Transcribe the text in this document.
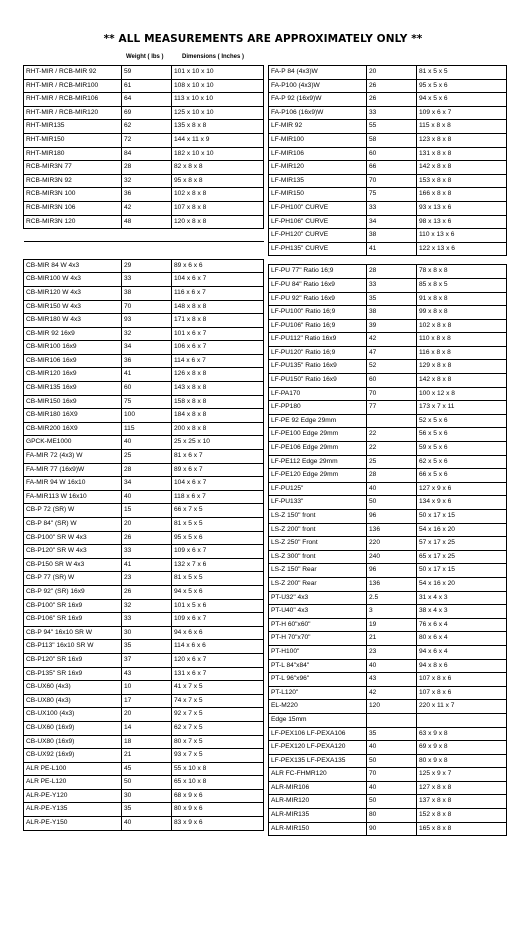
** ALL MEASUREMENTS ARE APPROXIMATELY ONLY **
Weight ( lbs )	Dimensions ( Inches )
RHT-MIR / RCB-MIR 92	59	101 x 10 x 10
RHT-MIR / RCB-MIR100	61	108 x 10 x 10
RHT-MIR / RCB-MIR106	64	113 x 10 x 10
RHT-MIR / RCB-MIR120	69	125 x 10 x 10
RHT-MIR135	62	135 x 8 x 8
RHT-MIR150	72	144 x 11 x 9
RHT-MIR180	84	182 x 10 x 10
RCB-MIR3N 77	28	82 x 8 x 8
RCB-MIR3N 92	32	95 x 8 x 8
RCB-MIR3N 100	36	102 x 8 x 8
RCB-MIR3N 106	42	107 x 8 x 8
RCB-MIR3N 120	48	120 x 8 x 8

CB-MIR 84 W 4x3	29	89 x 6 x 6
CB-MIR100 W 4x3	33	104 x 6 x 7
CB-MIR120 W 4x3	38	116 x 6 x 7
CB-MIR150 W 4x3	70	148 x 8 x 8
CB-MIR180 W 4x3	93	171 x 8 x 8
CB-MIR 92 16x9	32	101 x 6 x 7
CB-MIR100 16x9	34	106 x 6 x 7
CB-MIR106 16x9	36	114 x 6 x 7
CB-MIR120 16x9	41	126 x 8 x 8
CB-MIR135 16x9	60	143 x 8 x 8
CB-MIR150 16x9	75	158 x 8 x 8
CB-MIR180 16X9	100	184 x 8 x 8
CB-MIR200 16X9	115	200 x 8 x 8
GPCK-ME1000	40	25 x 25 x 10
FA-MIR 72 (4x3) W	25	81 x 6 x 7
FA-MIR 77 (16x9)W	28	89 x 6 x 7
FA-MIR 94 W 16x10	34	104 x 6 x 7
FA-MIR113 W 16x10	40	118 x 6 x 7
CB-P 72 (SR) W	15	66 x 7 x 5
CB-P 84" (SR) W	20	81 x 5 x 5
CB-P100" SR W 4x3	26	95 x 5 x 6
CB-P120" SR W 4x3	33	109 x 6 x 7
CB-P150 SR W 4x3	41	132 x 7 x 6
CB-P 77 (SR) W	23	81 x 5 x 5
CB-P 92" (SR) 16x9	26	94 x 5 x 6
CB-P100" SR 16x9	32	101 x 5 x 6
CB-P106" SR 16x9	33	109 x 6 x 7
CB-P 94" 16x10 SR W	30	94 x 6 x 6
CB-P113" 16x10 SR W	35	114 x 6 x 6
CB-P120" SR 16x9	37	120 x 6 x 7
CB-P135" SR 16x9	43	131 x 6 x 7
CB-UX60 (4x3)	10	41 x 7 x 5
CB-UX80 (4x3)	17	74 x 7 x 5
CB-UX100 (4x3)	20	92 x 7 x 5
CB-UX60 (16x9)	14	62 x 7 x 5
CB-UX80 (16x9)	18	80 x 7 x 5
CB-UX92 (16x9)	21	93 x 7 x 5
ALR PE-L100	45	55 x 10 x 8
ALR PE-L120	50	65 x 10 x 8
ALR-PE-Y120	30	68 x 9 x 6
ALR-PE-Y135	35	80 x 9 x 6
ALR-PE-Y150	40	83 x 9 x 6
FA-P 84 (4x3)W	20	81 x 5 x 5
FA-P100 (4x3)W	26	95 x 5 x 6
FA-P 92 (16x9)W	26	94 x 5 x 6
FA-P106 (16x9)W	33	109 x 6 x 7
LF-MIR 92	55	115 x 8 x 8
LF-MIR100	58	123 x 8 x 8
LF-MIR106	60	131 x 8 x 8
LF-MIR120	66	142 x 8 x 8
LF-MIR135	70	153 x 8 x 8
LF-MIR150	75	166 x 8 x 8
LF-PH100" CURVE	33	93 x 13 x 6
LF-PH106" CURVE	34	98 x 13 x 6
LF-PH120" CURVE	38	110 x 13 x 6
LF-PH135" CURVE	41	122 x 13 x 6

LF-PU 77" Ratio 16;9	28	78 x 8 x 8
LF-PU 84" Ratio 16x9	33	85 x 8 x 5
LF-PU 92" Ratio 16x9	35	91 x 8 x 8
LF-PU100" Ratio 16;9	38	99 x 8 x 8
LF-PU106" Ratio 16;9	39	102 x 8 x 8
LF-PU112" Ratio 16x9	42	110 x 8 x 8
LF-PU120" Ratio 16;9	47	116 x 8 x 8
LF-PU135" Ratio 16x9	52	129 x 8 x 8
LF-PU150" Ratio 16x9	60	142 x 8 x 8
LF-PA170	70	100 x 12 x 8
LF-PP180	77	173 x 7 x 11
LF-PE 92 Edge 29mm		52 x 5 x 6
LF-PE100 Edge 29mm	22	56 x 5 x 6
LF-PE106 Edge 29mm	22	59 x 5 x 6
LF-PE112 Edge 29mm	25	62 x 5 x 6
LF-PE120 Edge 29mm	28	66 x 5 x 6
LF-PU125"	40	127 x 9 x 6
LF-PU133"	50	134 x 9 x 6
LS-Z 150" front	96	50 x 17 x 15
LS-Z 200" front	136	54 x 16 x 20
LS-Z 250" Front	220	57 x 17 x 25
LS-Z 300" front	240	65 x 17 x 25
LS-Z 150" Rear	96	50 x 17 x 15
LS-Z 200" Rear	136	54 x 16 x 20
PT-U32" 4x3	2.5	31 x 4 x 3
PT-U40" 4x3	3	38 x 4 x 3
PT-H 60"x60"	19	76 x 6 x 4
PT-H 70"x70"	21	80 x 6 x 4
PT-H100"	23	94 x 6 x 4
PT-L 84"x84"	40	94 x 8 x 6
PT-L 96"x96"	43	107 x 8 x 6
PT-L120"	42	107 x 8 x 6
EL-M220	120	220 x 11 x 7
Edge 15mm		
LF-PEX106 LF-PEXA106	35	63 x 9 x 8
LF-PEX120 LF-PEXA120	40	69 x 9 x 8
LF-PEX135 LF-PEXA135	50	80 x 9 x 8
ALR FC-FHMR120	70	125 x 9 x 7
ALR-MIR106	40	127 x 8 x 8
ALR-MIR120	50	137 x 8 x 8
ALR-MIR135	80	152 x 8 x 8
ALR-MIR150	90	165 x 8 x 8
